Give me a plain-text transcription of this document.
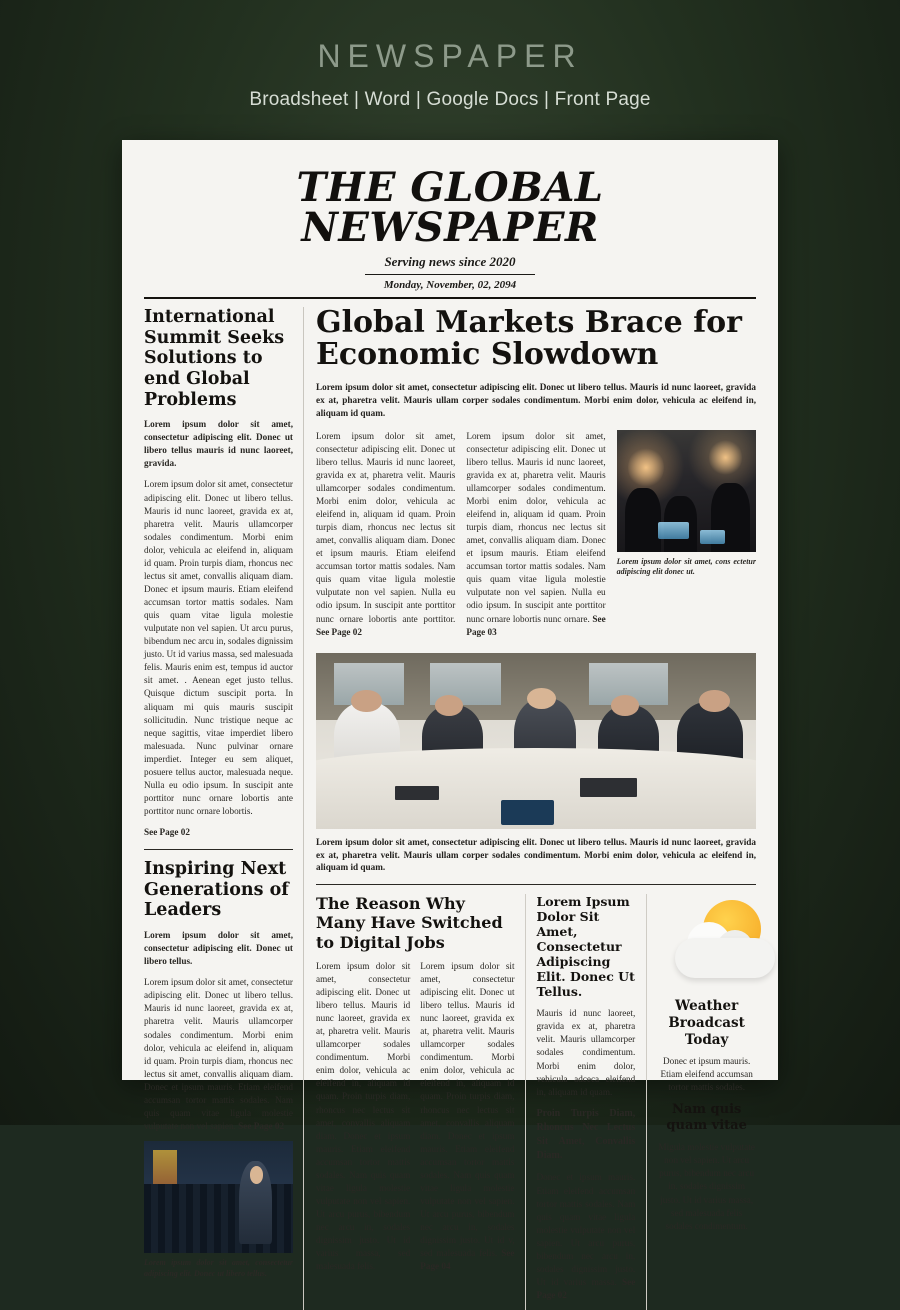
NEWSPAPER
Broadsheet | Word | Google Docs | Front Page
THE GLOBAL NEWSPAPER
Serving news since 2020
Monday, November, 02, 2094
International Summit Seeks Solutions to end Global Problems

Lorem ipsum dolor sit amet, consectetur adipiscing elit. Donec ut libero tellus mauris id nunc laoreet, gravida.

Lorem ipsum dolor sit amet, consectetur adipiscing elit. Donec ut libero tellus. Mauris id nunc laoreet, gravida ex at, pharetra velit. Mauris ullamcorper sodales condimentum. Morbi enim dolor, vehicula ac eleifend in, aliquam id quam. Proin turpis diam, rhoncus nec lectus sit amet, convallis aliquam diam. Donec et ipsum mauris. Etiam eleifend accumsan tortor mattis sodales. Nam quis quam vitae ligula molestie vulputate non vel sapien. Ut arcu purus, bibendum nec arcu in, sodales dignissim justo. Ut id varius massa, sed malesuada felis. Mauris enim est, tempus id auctor sit amet. . Aenean eget justo tellus. Quisque dictum suscipit porta. In aliquam mi quis mauris suscipit sollicitudin. Nunc tristique neque ac neque sagittis, vitae imperdiet libero malesuada. Nunc pulvinar ornare imperdiet. Integer eu sem aliquet, posuere tellus auctor, malesuada neque. Nulla eu odio ipsum. In suscipit ante porttitor nunc ornare lobortis ante porttitor nunc ornare lobortis.

See Page 02

Inspiring Next Generations of Leaders

Lorem ipsum dolor sit amet, consectetur adipiscing elit. Donec ut libero tellus.

Lorem ipsum dolor sit amet, consectetur adipiscing elit. Donec ut libero tellus. Mauris id nunc laoreet, gravida ex at, pharetra velit. Mauris ullamcorper sodales condimentum. Morbi enim dolor, vehicula ac eleifend in, aliquam id quam. Proin turpis diam, rhoncus nec lectus sit amet, convallis aliquam diam. Donec et ipsum mauris. Etiam eleifend accumsan tortor mattis sodales. Nam quis quam vitae ligula molestie vulputate non vel sapien. See Page 02

Lorem ipsum dolor sit amet, consectetur adipiscing elit. Donec ut libero tellus.
Global Markets Brace for Economic Slowdown
Lorem ipsum dolor sit amet, consectetur adipiscing elit. Donec ut libero tellus. Mauris id nunc laoreet, gravida ex at, pharetra velit. Mauris ullam corper sodales condimentum. Morbi enim dolor, vehicula ac eleifend in, aliquam id quam.

Lorem ipsum dolor sit amet, consectetur adipiscing elit. Donec ut libero tellus. Mauris id nunc laoreet, gravida ex at, pharetra velit. Mauris ullamcorper sodales condimentum. Morbi enim dolor, vehicula ac eleifend in, aliquam id quam. Proin turpis diam, rhoncus nec lectus sit amet, convallis aliquam diam. Donec et ipsum mauris. Etiam eleifend accumsan tortor mattis sodales. Nam quis quam vitae ligula molestie vulputate non vel sapien. Nulla eu odio ipsum. In suscipit ante porttitor nunc ornare lobortis ante porttitor. See Page 02

Lorem ipsum dolor sit amet, consectetur adipiscing elit. Donec ut libero tellus. Mauris id nunc laoreet, gravida ex at, pharetra velit. Mauris ullamcorper sodales condimentum. Morbi enim dolor, vehicula ac eleifend in, aliquam id quam. Proin turpis diam, rhoncus nec lectus sit amet, convallis aliquam diam. Donec et ipsum mauris. Etiam eleifend accumsan tortor mattis sodales. Nam quis quam vitae ligula molestie vulputate non vel sapien. Nulla eu odio ipsum. In suscipit ante porttitor nunc ornare lobortis nunc ornare. See Page 03

Lorem ipsum dolor sit amet, cons ectetur adipiscing elit donec ut.
Lorem ipsum dolor sit amet, consectetur adipiscing elit. Donec ut libero tellus. Mauris id nunc laoreet, gravida ex at, pharetra velit. Mauris ullam corper sodales condimentum. Morbi enim dolor, vehicula ac eleifend in, aliquam id quam.
The Reason Why Many Have Switched to Digital Jobs

Lorem ipsum dolor sit amet, consectetur adipiscing elit. Donec ut libero tellus. Mauris id nunc laoreet, gravida ex at, pharetra velit. Mauris ullamcorper sodales condimentum. Morbi enim dolor, vehicula ac eleifend in, aliquam id quam. Proin turpis diam, rhoncus nec lectus sit amet, convallis aliquam diam. Donec et ipsum mauris. Etiam eleifend accumsan tortor mattis sodales. Nam quis quam vitae ligula molestie vulputate non vel sapien. Ut arcu purus, bibendum nec arcu in, sodales dignissim justo. Ut id varius massa, sed malesuada felis.

Lorem ipsum dolor sit amet, consectetur adipiscing elit. Donec ut libero tellus. Mauris id nunc laoreet, gravida ex at, pharetra velit. Mauris ullamcorper sodales condimentum. Morbi enim dolor, vehicula ac eleifend in, aliquam id quam. Proin turpis diam, rhoncus nec lectus sit amet, convallis aliquam diam. Donec et ipsum mauris. Etiam eleifend accumsan tortor mattis sodales. Nam quis quam vitae ligula molestie vulputate non vel sapien. Ut arcu purus, bibendum nec arcu in, sodales dignissim justo. Ut id v, sed malesuada felis. See Page 04

Lorem Ipsum Dolor Sit Amet, Consectetur Adipiscing Elit. Donec Ut Tellus.

Mauris id nunc laoreet, gravida ex at, pharetra velit. Mauris ullamcorper sodales condimentum. Morbi enim dolor, vehicula adceca eleifend in, aliquam id quam.

Proin Turpis Diam, Rhoncus Nec Lectus Sit Amet, Convallis Diam.

Donec et ipsum mauris. Etiam eleifend accumsan tortor mattis sodales. Nam quis quam vitae ligula molestie vulputate non vel sapien. Ut arcu purus, bibendum nec arcu in, sodales dignissim justo. Ut id varius massa. See Page 02

Weather Broadcast Today

Donec et ipsum mauris. Etiam eleifend accumsan tortor mattis sodales.

Nam quis quam vitae

Migula molestie vulputate non vel sapien. Ut arcu purus, bibendum nec arcu in, sodales dignissim justo. Ut id varius massa, sed malesuada felis sodales condimentum.
